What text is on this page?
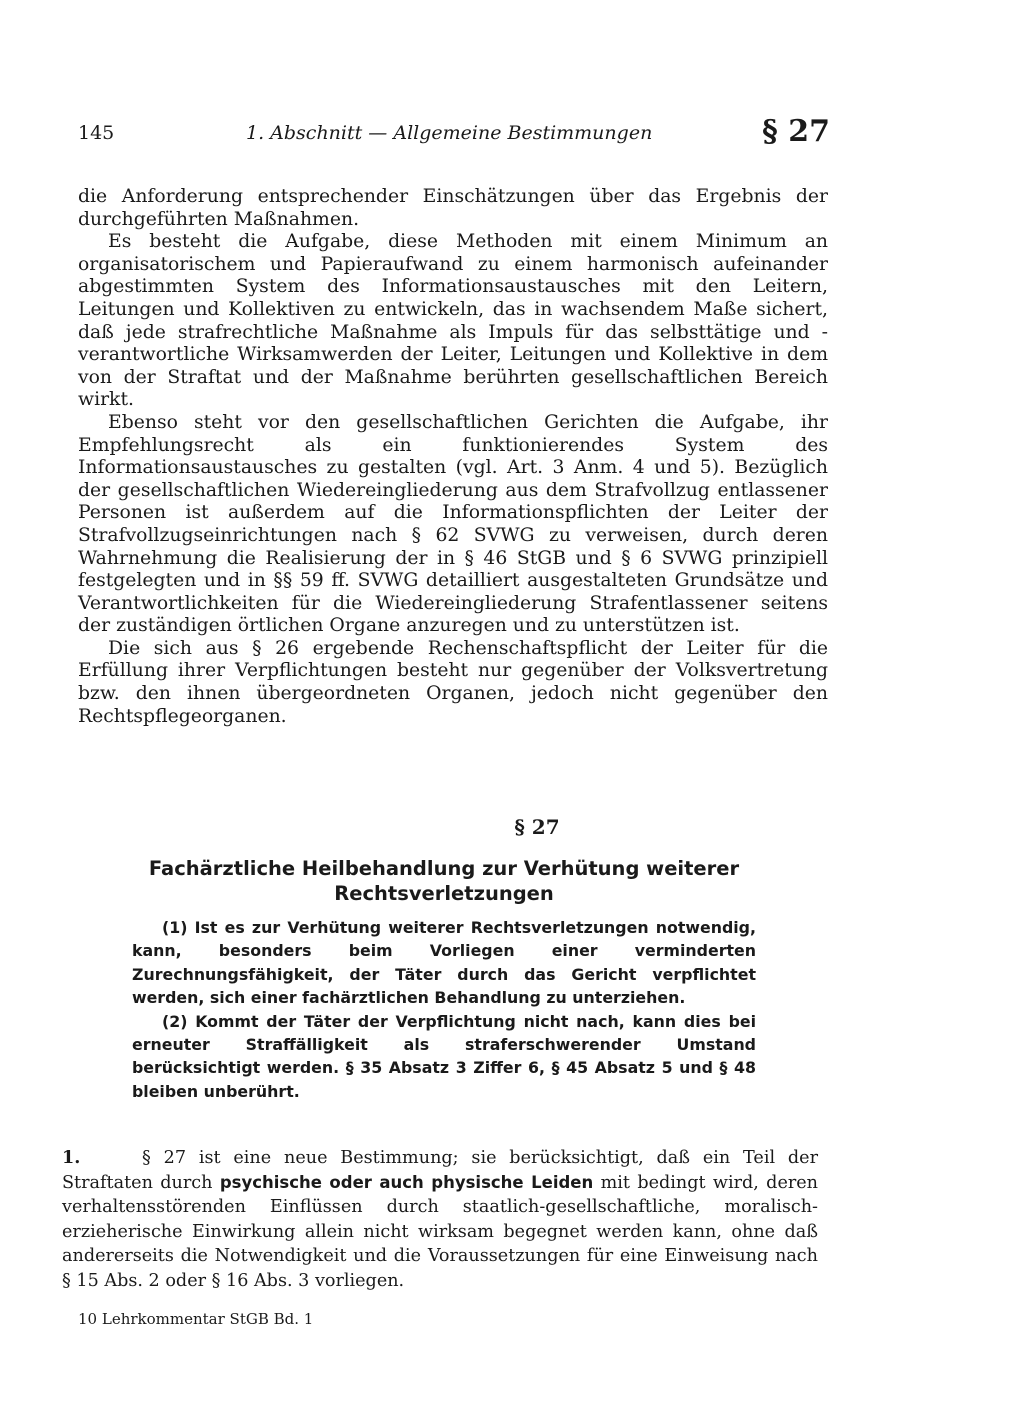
145	1. Abschnitt — Allgemeine Bestimmungen	§ 27

die Anforderung entsprechender Einschätzungen über das Ergebnis der durchgeführten Maßnahmen.

Es besteht die Aufgabe, diese Methoden mit einem Minimum an organisatorischem und Papieraufwand zu einem harmonisch aufeinander abgestimmten System des Informationsaustausches mit den Leitern, Leitungen und Kollektiven zu entwickeln, das in wachsendem Maße sichert, daß jede strafrechtliche Maßnahme als Impuls für das selbsttätige und -verantwortliche Wirksamwerden der Leiter, Leitungen und Kollektive in dem von der Straftat und der Maßnahme berührten gesellschaftlichen Bereich wirkt.

Ebenso steht vor den gesellschaftlichen Gerichten die Aufgabe, ihr Empfehlungsrecht als ein funktionierendes System des Informationsaustausches zu gestalten (vgl. Art. 3 Anm. 4 und 5). Bezüglich der gesellschaftlichen Wiedereingliederung aus dem Strafvollzug entlassener Personen ist außerdem auf die Informationspflichten der Leiter der Strafvollzugseinrichtungen nach § 62 SVWG zu verweisen, durch deren Wahrnehmung die Realisierung der in § 46 StGB und § 6 SVWG prinzipiell festgelegten und in §§ 59 ff. SVWG detailliert ausgestalteten Grundsätze und Verantwortlichkeiten für die Wiedereingliederung Strafentlassener seitens der zuständigen örtlichen Organe anzuregen und zu unterstützen ist.

Die sich aus § 26 ergebende Rechenschaftspflicht der Leiter für die Erfüllung ihrer Verpflichtungen besteht nur gegenüber der Volksvertretung bzw. den ihnen übergeordneten Organen, jedoch nicht gegenüber den Rechtspflegeorganen.

§ 27
Fachärztliche Heilbehandlung zur Verhütung weiterer
Rechtsverletzungen

(1) Ist es zur Verhütung weiterer Rechtsverletzungen notwendig, kann, besonders beim Vorliegen einer verminderten Zurechnungsfähigkeit, der Täter durch das Gericht verpflichtet werden, sich einer fachärztlichen Behandlung zu unterziehen.

(2) Kommt der Täter der Verpflichtung nicht nach, kann dies bei erneuter Straffälligkeit als straferschwerender Umstand berücksichtigt werden. § 35 Absatz 3 Ziffer 6, § 45 Absatz 5 und § 48 bleiben unberührt.

1.	§ 27 ist eine neue Bestimmung; sie berücksichtigt, daß ein Teil der Straftaten durch psychische oder auch physische Leiden mit bedingt wird, deren verhaltensstörenden Einflüssen durch staatlich-gesellschaftliche, moralisch-erzieherische Einwirkung allein nicht wirksam begegnet werden kann, ohne daß andererseits die Notwendigkeit und die Voraussetzungen für eine Einweisung nach § 15 Abs. 2 oder § 16 Abs. 3 vorliegen.

10 Lehrkommentar StGB Bd. 1
